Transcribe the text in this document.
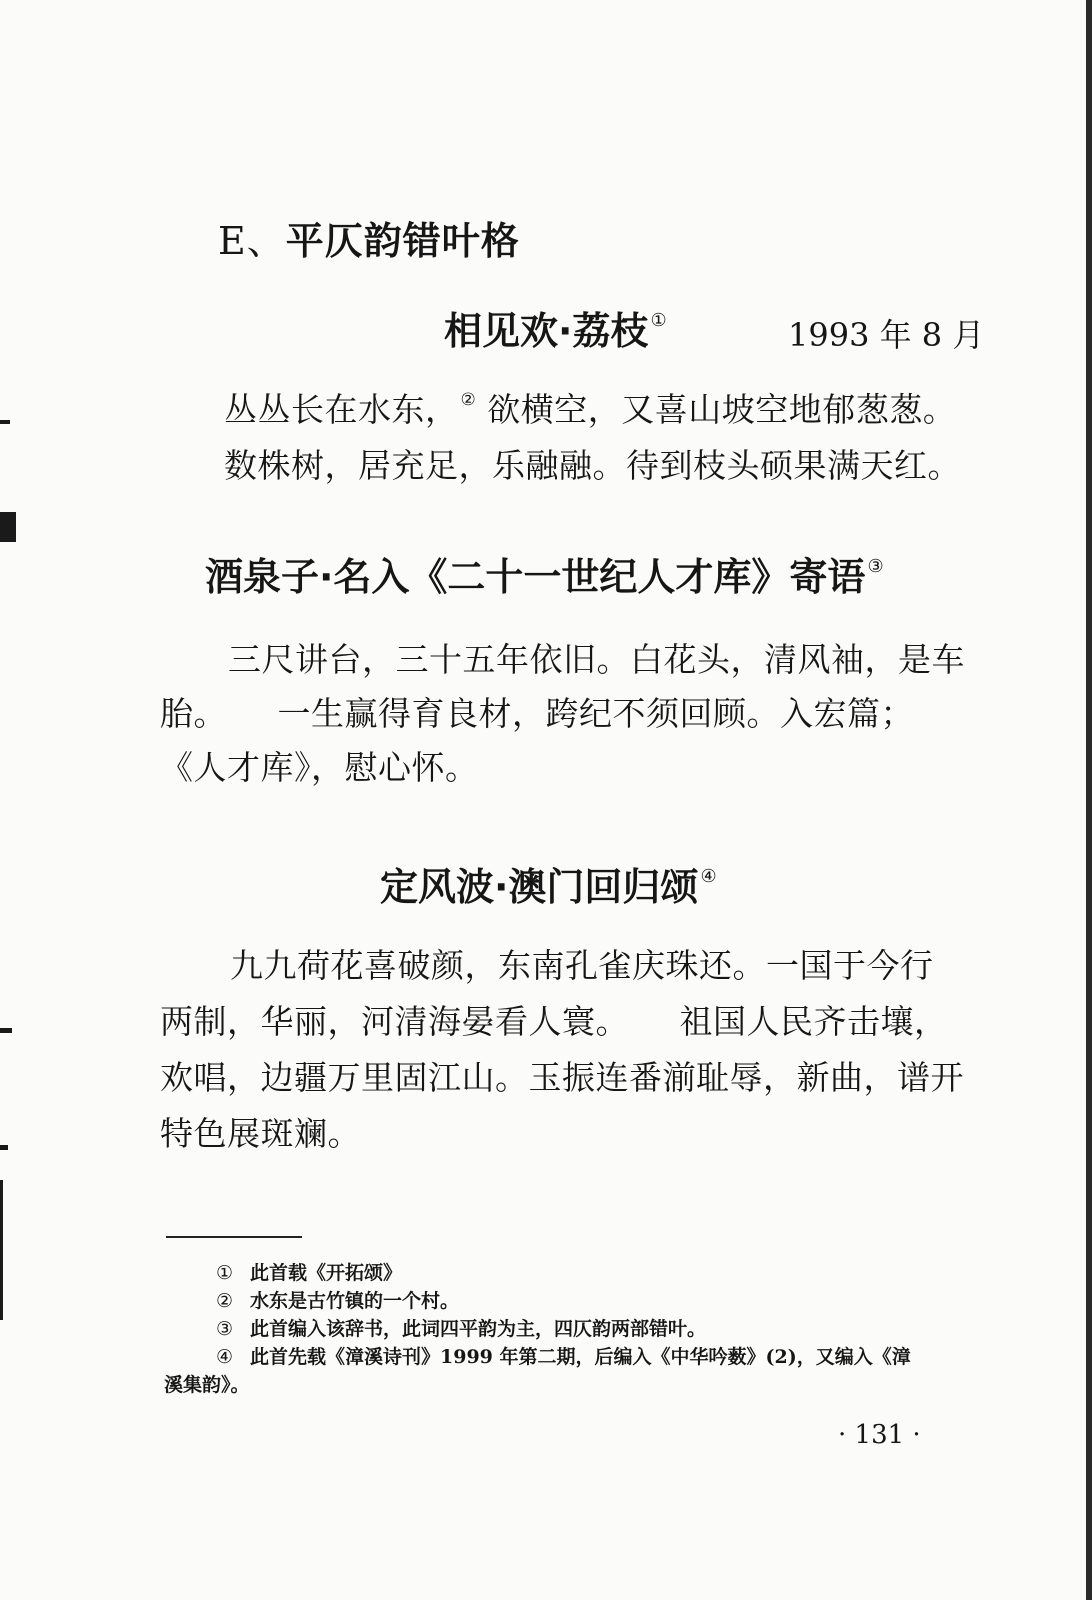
E、平仄韵错叶格
相见欢·荔枝 ①	1993 年 8 月
丛丛长在水东， ② 欲横空，又喜山坡空地郁葱葱。
数株树，居充足，乐融融。待到枝头硕果满天红。
酒泉子·名入《二十一世纪人才库》寄语 ③
三尺讲台，三十五年依旧。白花头，清风袖，是车
胎。　　一生赢得育良材，跨纪不须回顾。入宏篇；
《人才库》，慰心怀。
定风波·澳门回归颂 ④
九九荷花喜破颜，东南孔雀庆珠还。一国于今行
两制，华丽，河清海晏看人寰。　　祖国人民齐击壤，
欢唱，边疆万里固江山。玉振连番湔耻辱，新曲，谱开
特色展斑斓。
① 此首载《开拓颂》
② 水东是古竹镇的一个村。
③ 此首编入该辞书，此词四平韵为主，四仄韵两部错叶。
④ 此首先载《漳溪诗刊》1999 年第二期，后编入《中华吟薮》(2)，又编入《漳
溪集韵》。
· 131 ·
